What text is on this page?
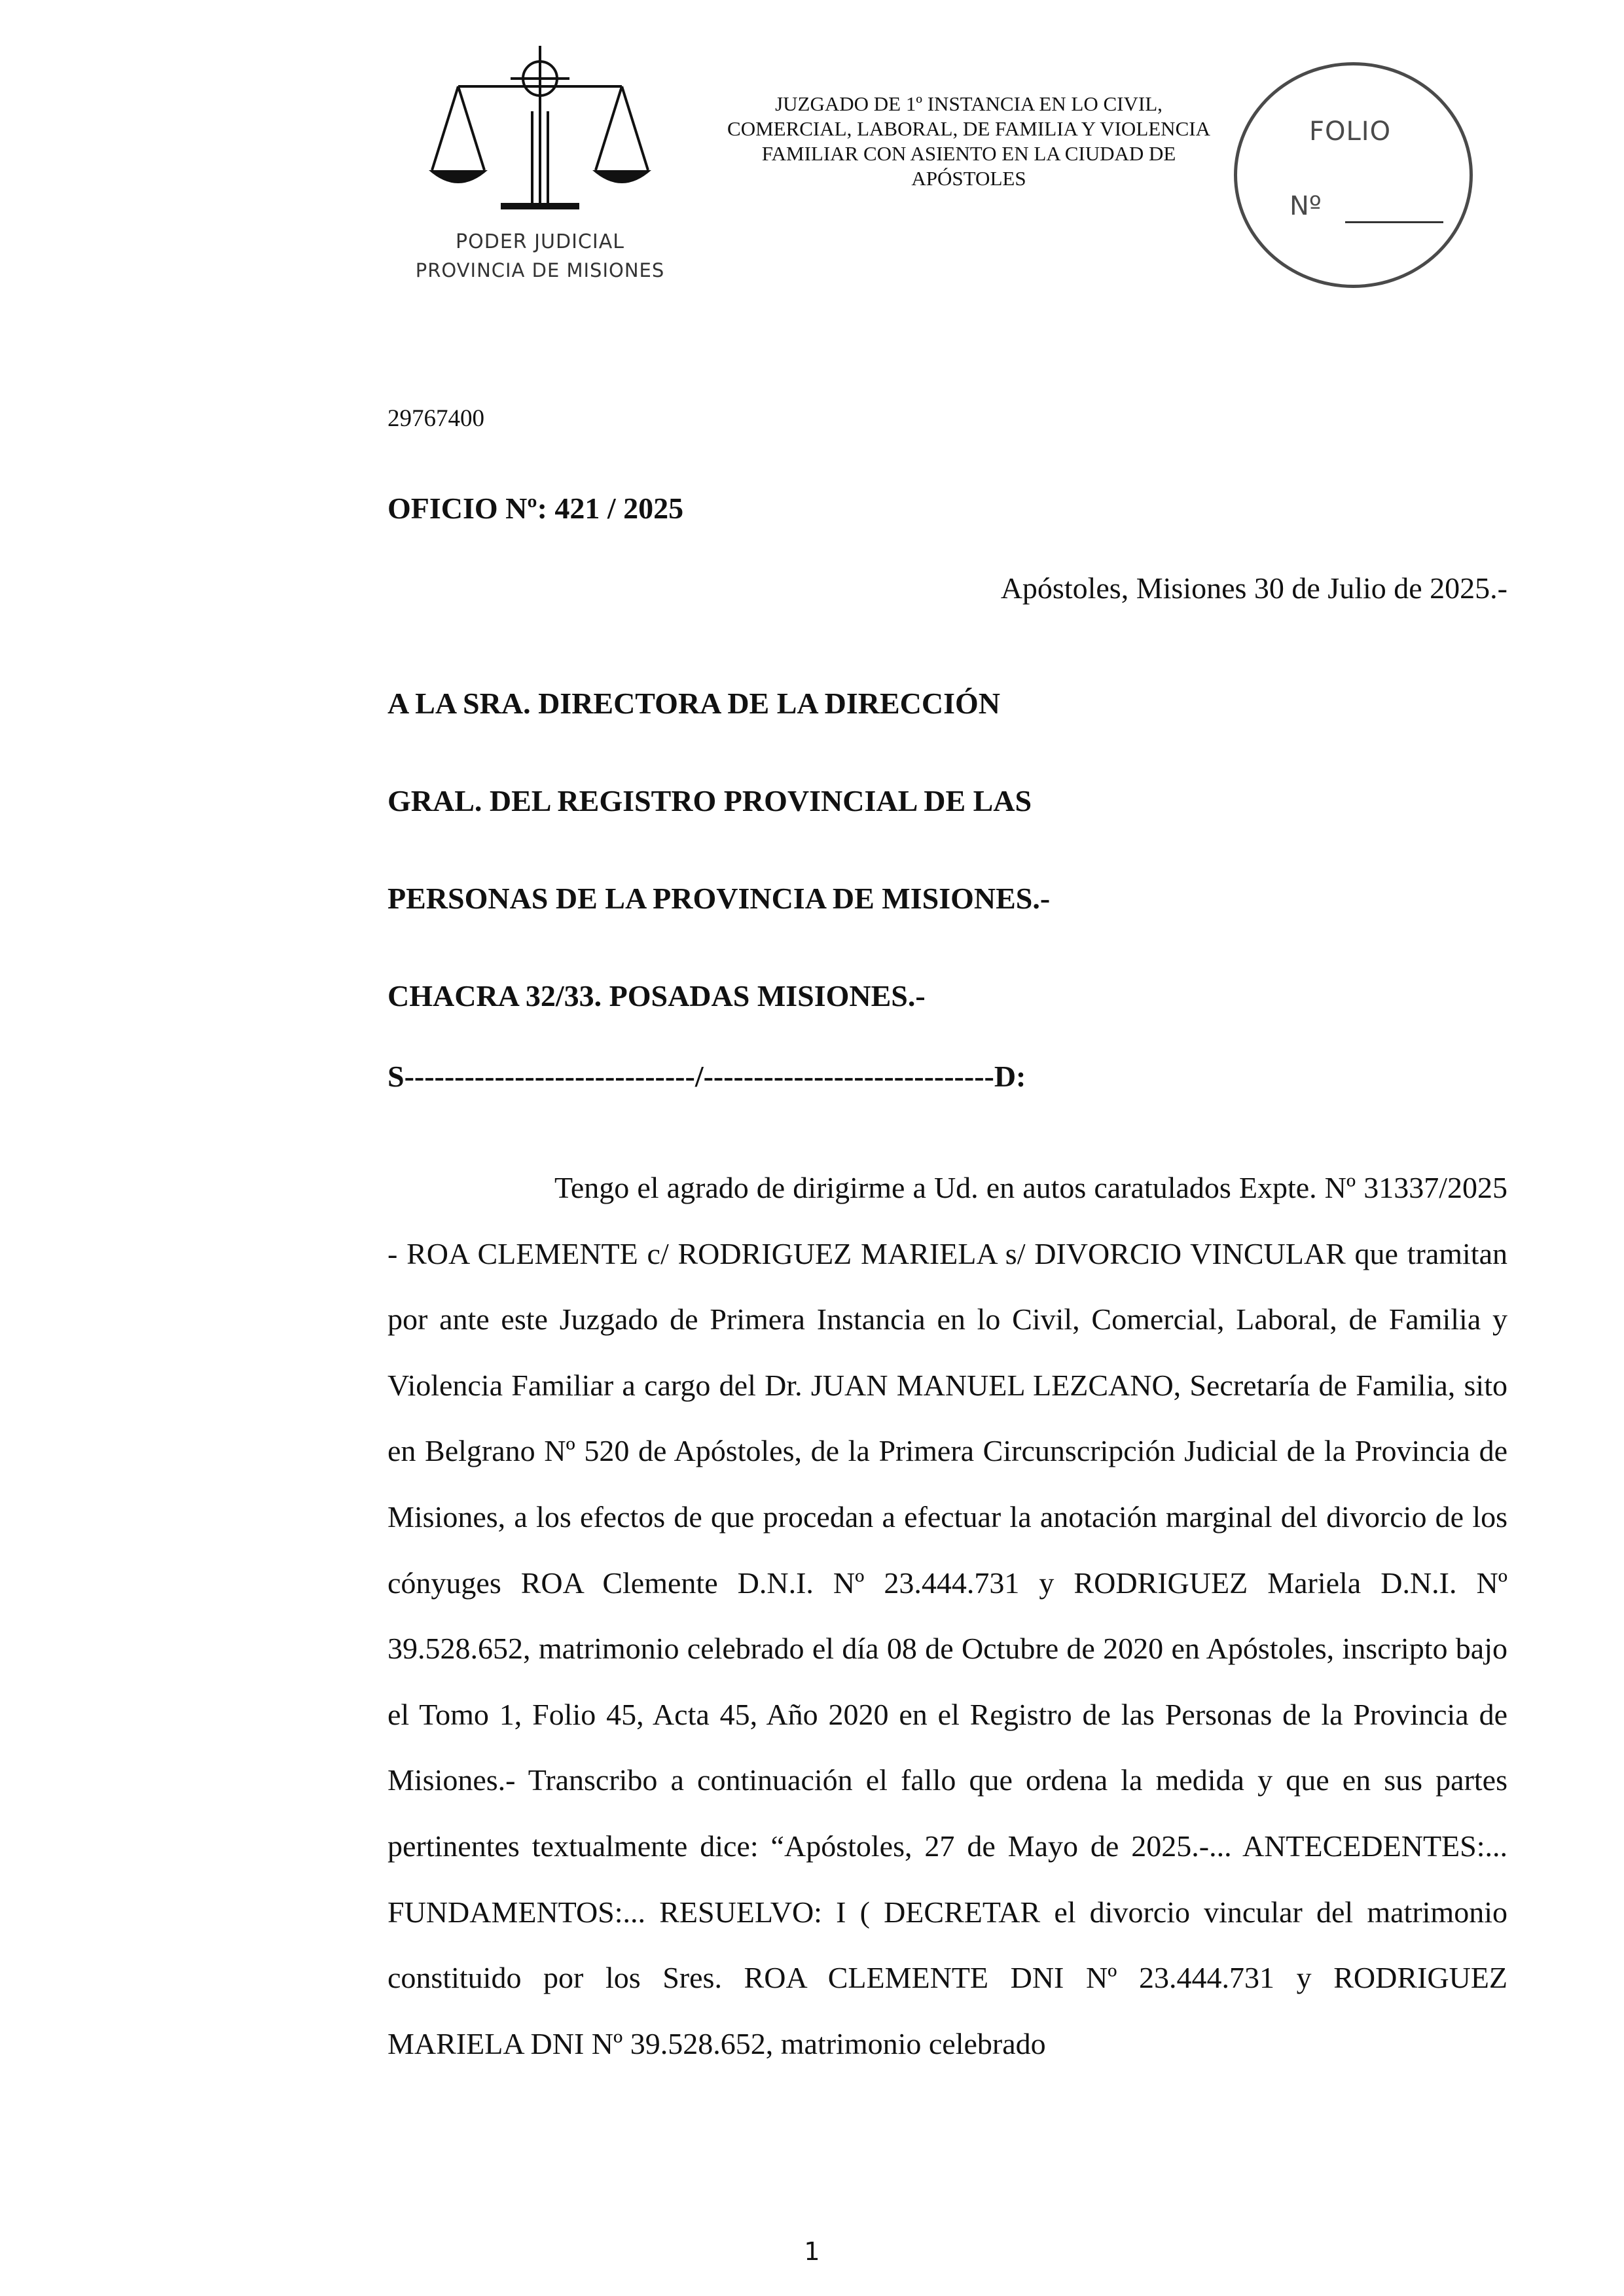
PODER JUDICIAL
PROVINCIA DE MISIONES
JUZGADO DE 1º INSTANCIA EN LO CIVIL,
COMERCIAL, LABORAL, DE FAMILIA Y VIOLENCIA
FAMILIAR CON ASIENTO EN LA CIUDAD DE
APÓSTOLES
FOLIO
Nº
29767400
OFICIO Nº: 421 / 2025
Apóstoles, Misiones 30 de Julio de 2025.-
A LA SRA. DIRECTORA DE LA DIRECCIÓN
GRAL. DEL REGISTRO PROVINCIAL DE LAS
PERSONAS DE LA PROVINCIA DE MISIONES.-
CHACRA 32/33. POSADAS MISIONES.-
S-----------------------------/-----------------------------D:
Tengo el agrado de dirigirme a Ud. en autos caratulados Expte. Nº 31337/2025 - ROA CLEMENTE c/ RODRIGUEZ MARIELA s/ DIVORCIO VINCULAR que tramitan por ante este Juzgado de Primera Instancia en lo Civil, Comercial, Laboral, de Familia y Violencia Familiar a cargo del Dr. JUAN MANUEL LEZCANO, Secretaría de Familia, sito en Belgrano Nº 520 de Apóstoles, de la Primera Circunscripción Judicial de la Provincia de Misiones, a los efectos de que procedan a efectuar la anotación marginal del divorcio de los cónyuges ROA Clemente D.N.I. Nº 23.444.731 y RODRIGUEZ Mariela D.N.I. Nº 39.528.652, matrimonio celebrado el día 08 de Octubre de 2020 en Apóstoles, inscripto bajo el Tomo 1, Folio 45, Acta 45, Año 2020 en el Registro de las Personas de la Provincia de Misiones.- Transcribo a continuación el fallo que ordena la medida y que en sus partes pertinentes textualmente dice: “Apóstoles, 27 de Mayo de 2025.-... ANTECEDENTES:... FUNDAMENTOS:... RESUELVO: I ( DECRETAR el divorcio vincular del matrimonio constituido por los Sres. ROA CLEMENTE DNI Nº 23.444.731 y RODRIGUEZ MARIELA DNI Nº 39.528.652, matrimonio celebrado
1
